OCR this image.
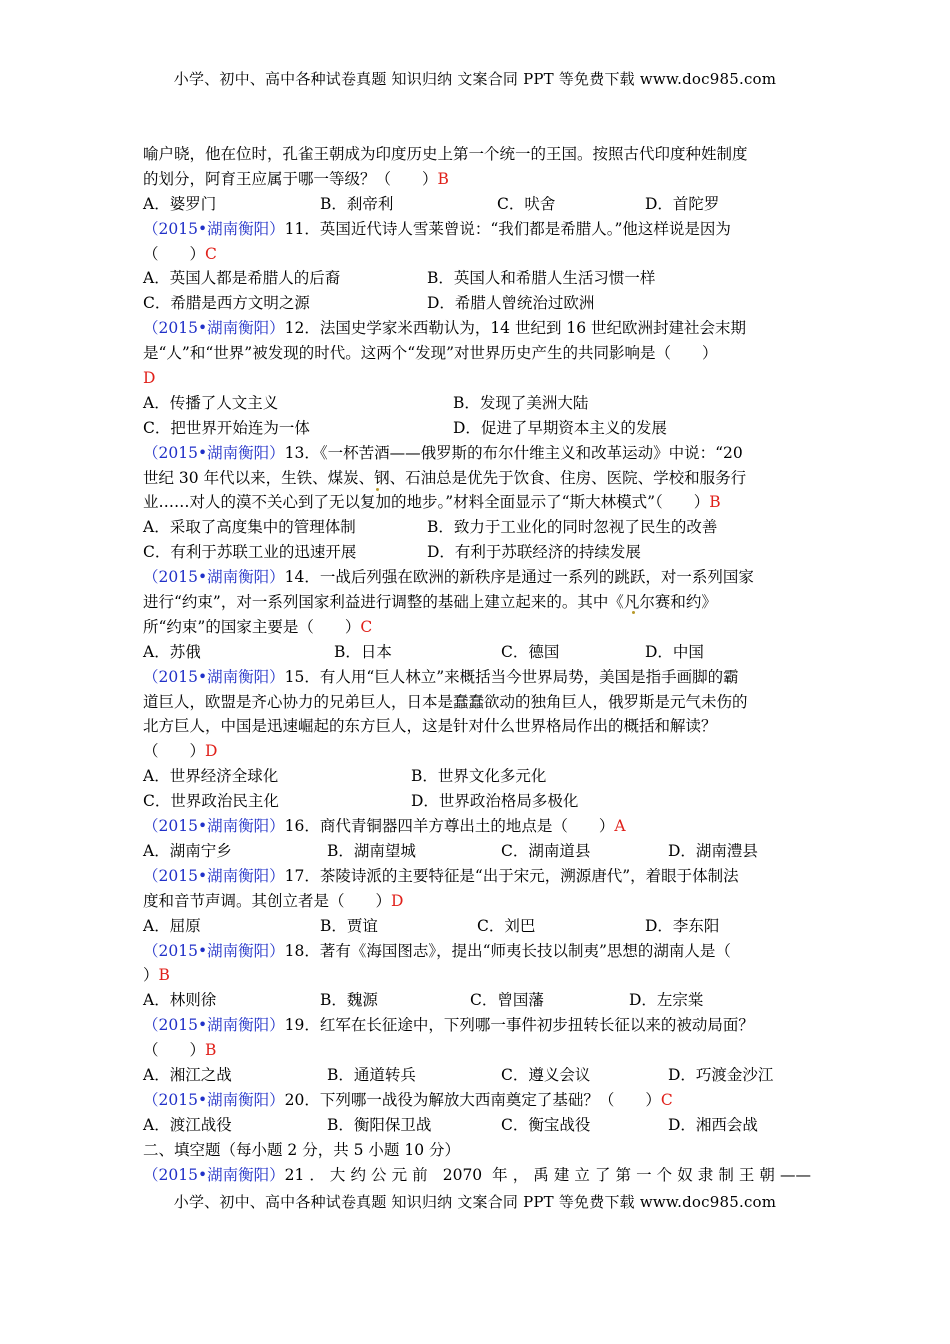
小学、初中、高中各种试卷真题 知识归纳 文案合同 PPT 等免费下载 www.doc985.com
喻户晓，他在位时，孔雀王朝成为印度历史上第一个统一的王国。按照古代印度种姓制度
的划分，阿育王应属于哪一等级？（　　）B
A．婆罗门	B．刹帝利	C．吠舍	D．首陀罗
（2015•湖南衡阳）11．英国近代诗人雪莱曾说：“我们都是希腊人。”他这样说是因为
（　　）C
A．英国人都是希腊人的后裔	B．英国人和希腊人生活习惯一样
C．希腊是西方文明之源	D．希腊人曾统治过欧洲
（2015•湖南衡阳）12．法国史学家米西勒认为，14 世纪到 16 世纪欧洲封建社会末期
是“人”和“世界”被发现的时代。这两个“发现”对世界历史产生的共同影响是（　　）
D
A．传播了人文主义	B．发现了美洲大陆
C．把世界开始连为一体	D．促进了早期资本主义的发展
（2015•湖南衡阳）13．《一杯苦酒——俄罗斯的布尔什维主义和改革运动》中说：“20
世纪 30 年代以来，生铁、煤炭、钢、石油总是优先于饮食、住房、医院、学校和服务行
业……对人的漠不关心到了无以复加的地步。”材料全面显示了“斯大林模式”（　　）B
A．采取了高度集中的管理体制	B．致力于工业化的同时忽视了民生的改善
C．有利于苏联工业的迅速开展	D．有利于苏联经济的持续发展
（2015•湖南衡阳）14．一战后列强在欧洲的新秩序是通过一系列的跳跃，对一系列国家
进行“约束”，对一系列国家利益进行调整的基础上建立起来的。其中《凡尔赛和约》
所“约束”的国家主要是（　　）C
A．苏俄	B．日本	C．德国	D．中国
（2015•湖南衡阳）15．有人用“巨人林立”来概括当今世界局势，美国是指手画脚的霸
道巨人，欧盟是齐心协力的兄弟巨人，日本是蠢蠢欲动的独角巨人，俄罗斯是元气未伤的
北方巨人，中国是迅速崛起的东方巨人，这是针对什么世界格局作出的概括和解读？
（　　）D
A．世界经济全球化	B．世界文化多元化
C．世界政治民主化	D．世界政治格局多极化
（2015•湖南衡阳）16．商代青铜器四羊方尊出土的地点是（　　）A
A．湖南宁乡	B．湖南望城	C．湖南道县	D．湖南澧县
（2015•湖南衡阳）17．茶陵诗派的主要特征是“出于宋元，溯源唐代”，着眼于体制法
度和音节声调。其创立者是（　　）D
A．屈原	B．贾谊	C．刘巴	D．李东阳
（2015•湖南衡阳）18．著有《海国图志》，提出“师夷长技以制夷”思想的湖南人是（
）B
A．林则徐	B．魏源	C．曾国藩	D．左宗棠
（2015•湖南衡阳）19．红军在长征途中，下列哪一事件初步扭转长征以来的被动局面？
（　　）B
A．湘江之战	B．通道转兵	C．遵义会议	D．巧渡金沙江
（2015•湖南衡阳）20．下列哪一战役为解放大西南奠定了基础？（　　）C
A．渡江战役	B．衡阳保卫战	C．衡宝战役	D．湘西会战
二、填空题（每小题 2 分，共 5 小题 10 分）
（2015•湖南衡阳） 21．大约公元前 2070 年，禹建立了第一个奴隶制王朝——
小学、初中、高中各种试卷真题 知识归纳 文案合同 PPT 等免费下载 www.doc985.com
